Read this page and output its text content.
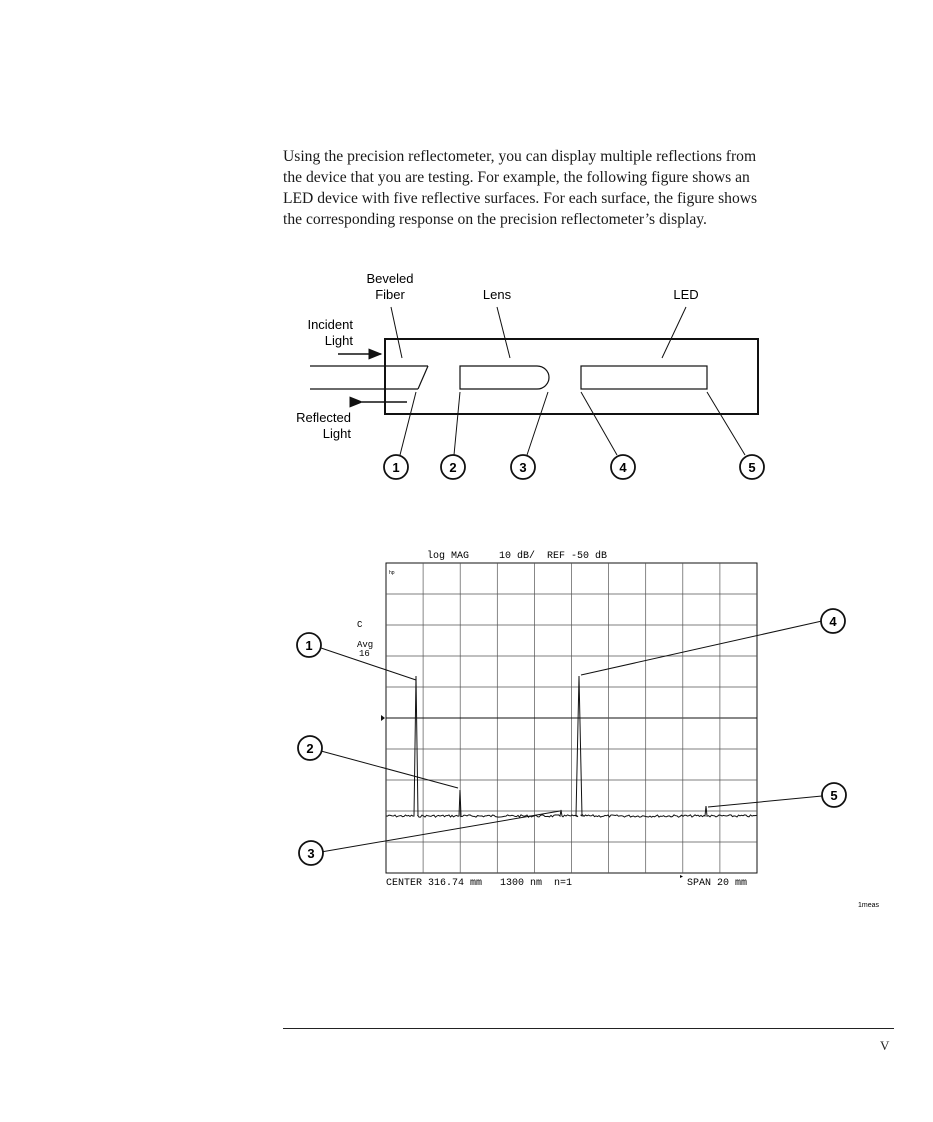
Using the precision reflectometer, you can display multiple reflections from
the device that you are testing. For example, the following figure shows an
LED device with five reflective surfaces. For each surface, the figure shows
the corresponding response on the precision reflectometer’s display.
Beveled
Fiber	Lens	LED
Incident
Light
Reflected
Light
1	2	3	4	5
log MAG     10 dB/  REF -50 dB
hp
C
Avg
16
CENTER 316.74 mm   1300 nm  n=1	SPAN 20 mm
▸
1
2
3
4
5
1meas
V
